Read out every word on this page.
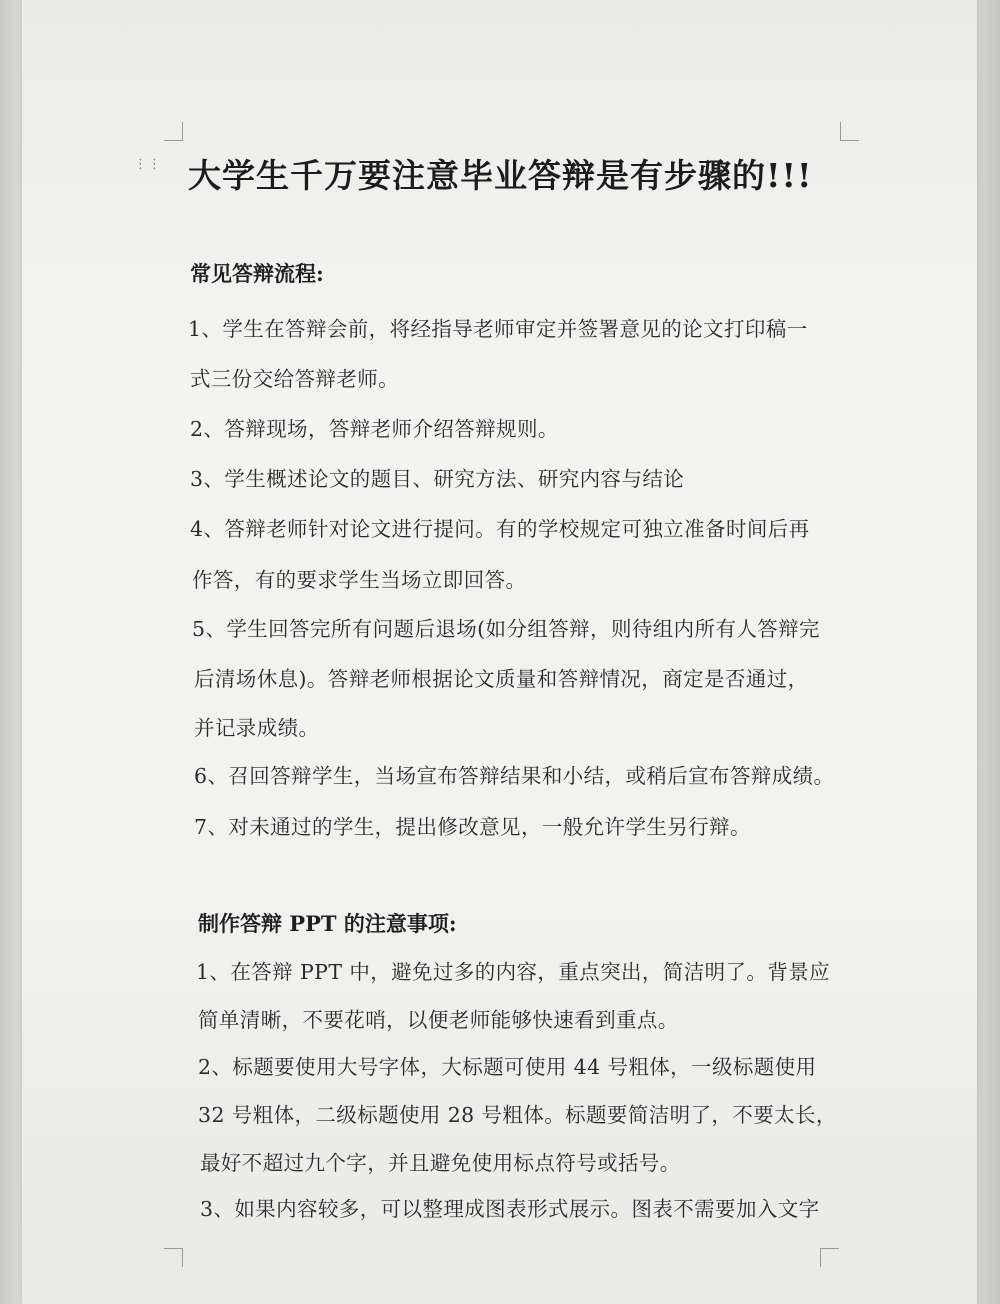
⋮⋮ 大学生千万要注意毕业答辩是有步骤的!!!
常见答辩流程:

1、学生在答辩会前，将经指导老师审定并签署意见的论文打印稿一

式三份交给答辩老师。

2、答辩现场，答辩老师介绍答辩规则。

3、学生概述论文的题目、研究方法、研究内容与结论

4、答辩老师针对论文进行提问。有的学校规定可独立准备时间后再

作答，有的要求学生当场立即回答。

5、学生回答完所有问题后退场(如分组答辩，则待组内所有人答辩完

后清场休息)。答辩老师根据论文质量和答辩情况，商定是否通过，

并记录成绩。

6、召回答辩学生，当场宣布答辩结果和小结，或稍后宣布答辩成绩。

7、对未通过的学生，提出修改意见，一般允许学生另行辩。

制作答辩 PPT 的注意事项:

1、在答辩 PPT 中，避免过多的内容，重点突出，简洁明了。背景应

简单清晰，不要花哨，以便老师能够快速看到重点。

2、标题要使用大号字体，大标题可使用 44 号粗体，一级标题使用

32 号粗体，二级标题使用 28 号粗体。标题要简洁明了，不要太长，

最好不超过九个字，并且避免使用标点符号或括号。

3、如果内容较多，可以整理成图表形式展示。图表不需要加入文字
